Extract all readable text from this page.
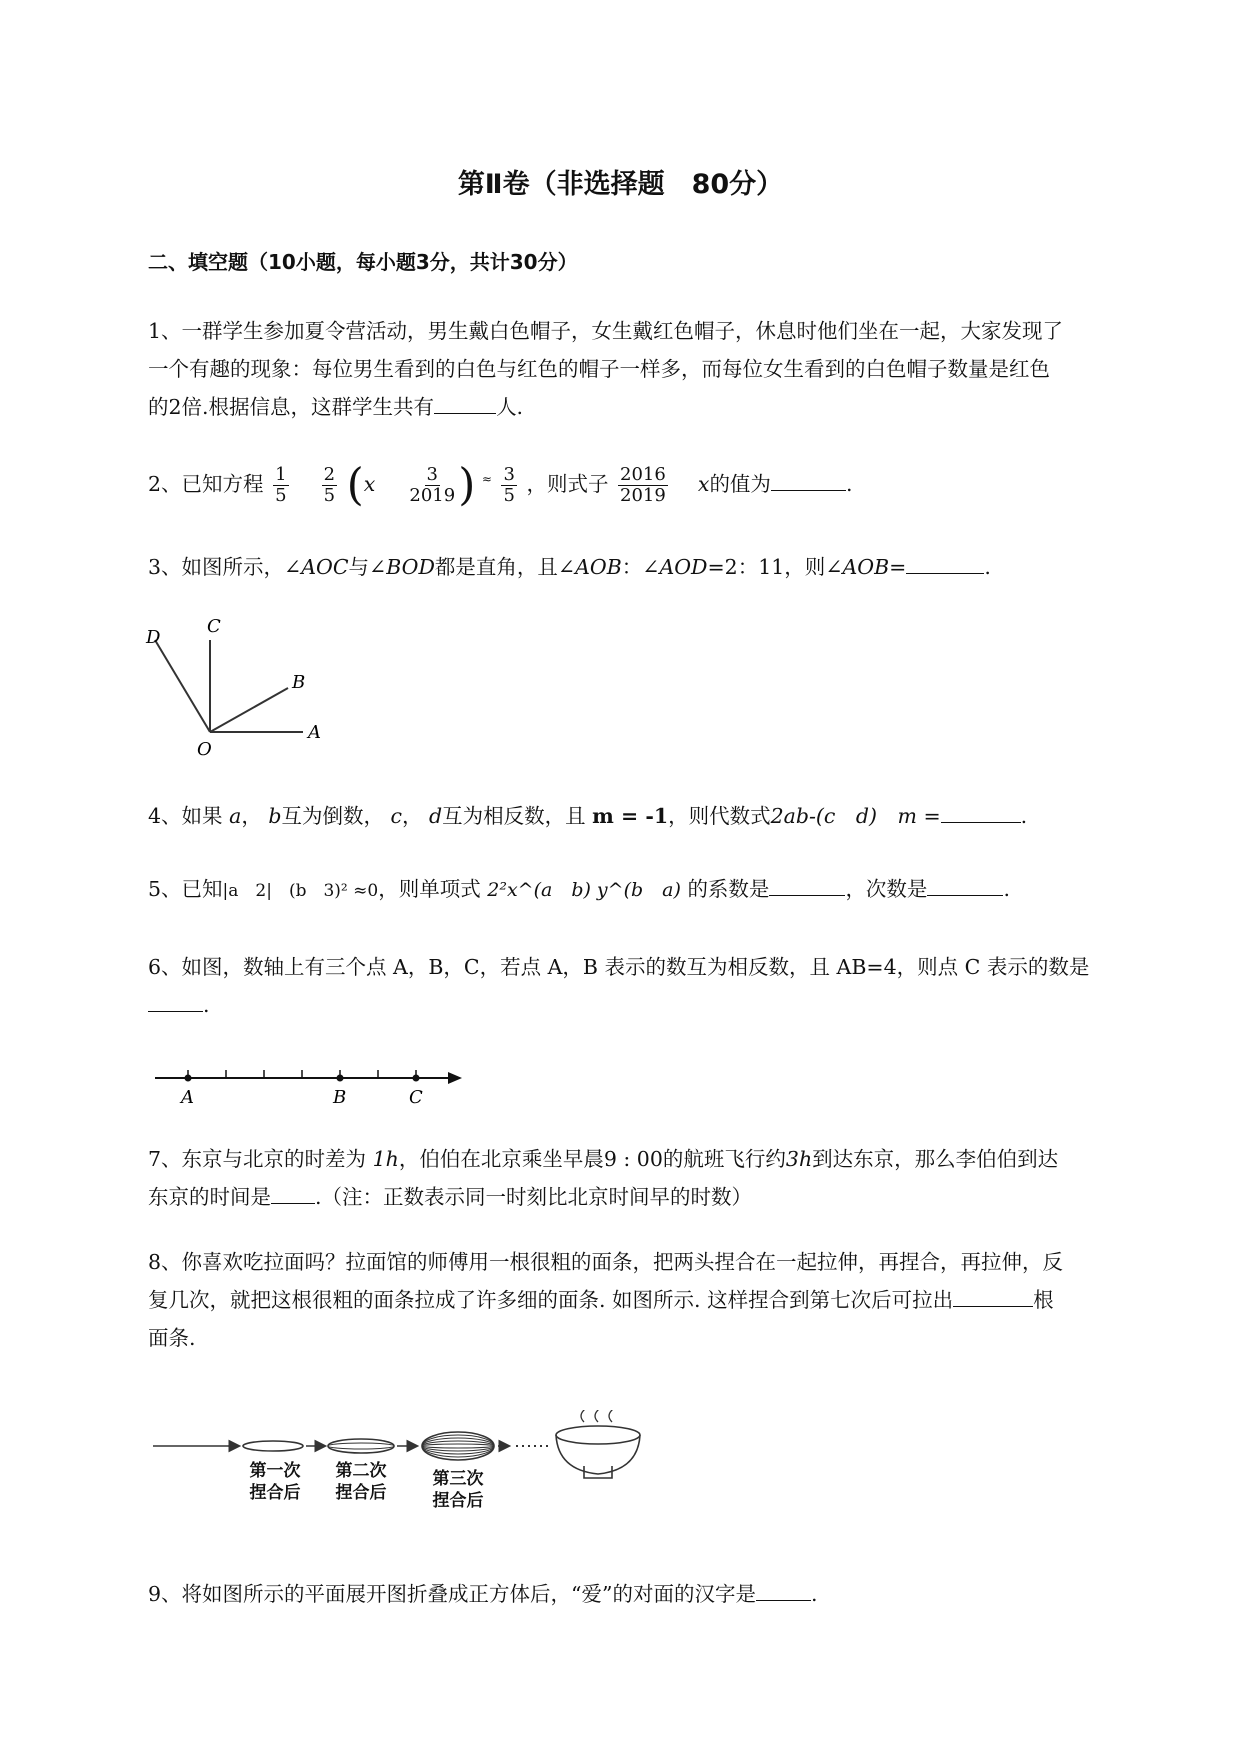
第Ⅱ卷（非选择题　80分）
二、填空题（10小题，每小题3分，共计30分）
1、一群学生参加夏令营活动，男生戴白色帽子，女生戴红色帽子，休息时他们坐在一起，大家发现了
一个有趣的现象：每位男生看到的白色与红色的帽子一样多，而每位女生看到的白色帽子数量是红色
的2倍.根据信息，这群学生共有	人.
2、已知方程 $\frac{1}{5}$
$\frac{2}{5} (x \frac{3}{2019}$ ) $^\approx \frac{3}{5}$ ，则式子 $\frac{2016}{2019}$ x的值为	.
3、如图所示，∠AOC与∠BOD都是直角，且∠AOB：∠AOD=2：11，则∠AOB=	.
D
C
B
O
A
4、如果 a， b互为倒数， c， d互为相反数，且 m = -1，则代数式2ab-(c　d)　m =	.
5、已知|a　2|　(b　3)² ≈0，则单项式 2²x^(a　b) y^(b　a) 的系数是	，次数是	.
6、如图，数轴上有三个点 A，B，C，若点 A，B 表示的数互为相反数，且 AB=4，则点 C 表示的数是
.
A	B	C
7、东京与北京的时差为 1h，伯伯在北京乘坐早晨9 : 00的航班飞行约3h到达东京，那么李伯伯到达
东京的时间是 .（注：正数表示同一时刻比北京时间早的时数）
8、你喜欢吃拉面吗？拉面馆的师傅用一根很粗的面条，把两头捏合在一起拉伸，再捏合，再拉伸，反
复几次，就把这根很粗的面条拉成了许多细的面条. 如图所示. 这样捏合到第七次后可拉出	根
面条.
第一次捏合后
第二次捏合后
第三次捏合后
9、将如图所示的平面展开图折叠成正方体后，“爱”的对面的汉字是	.
